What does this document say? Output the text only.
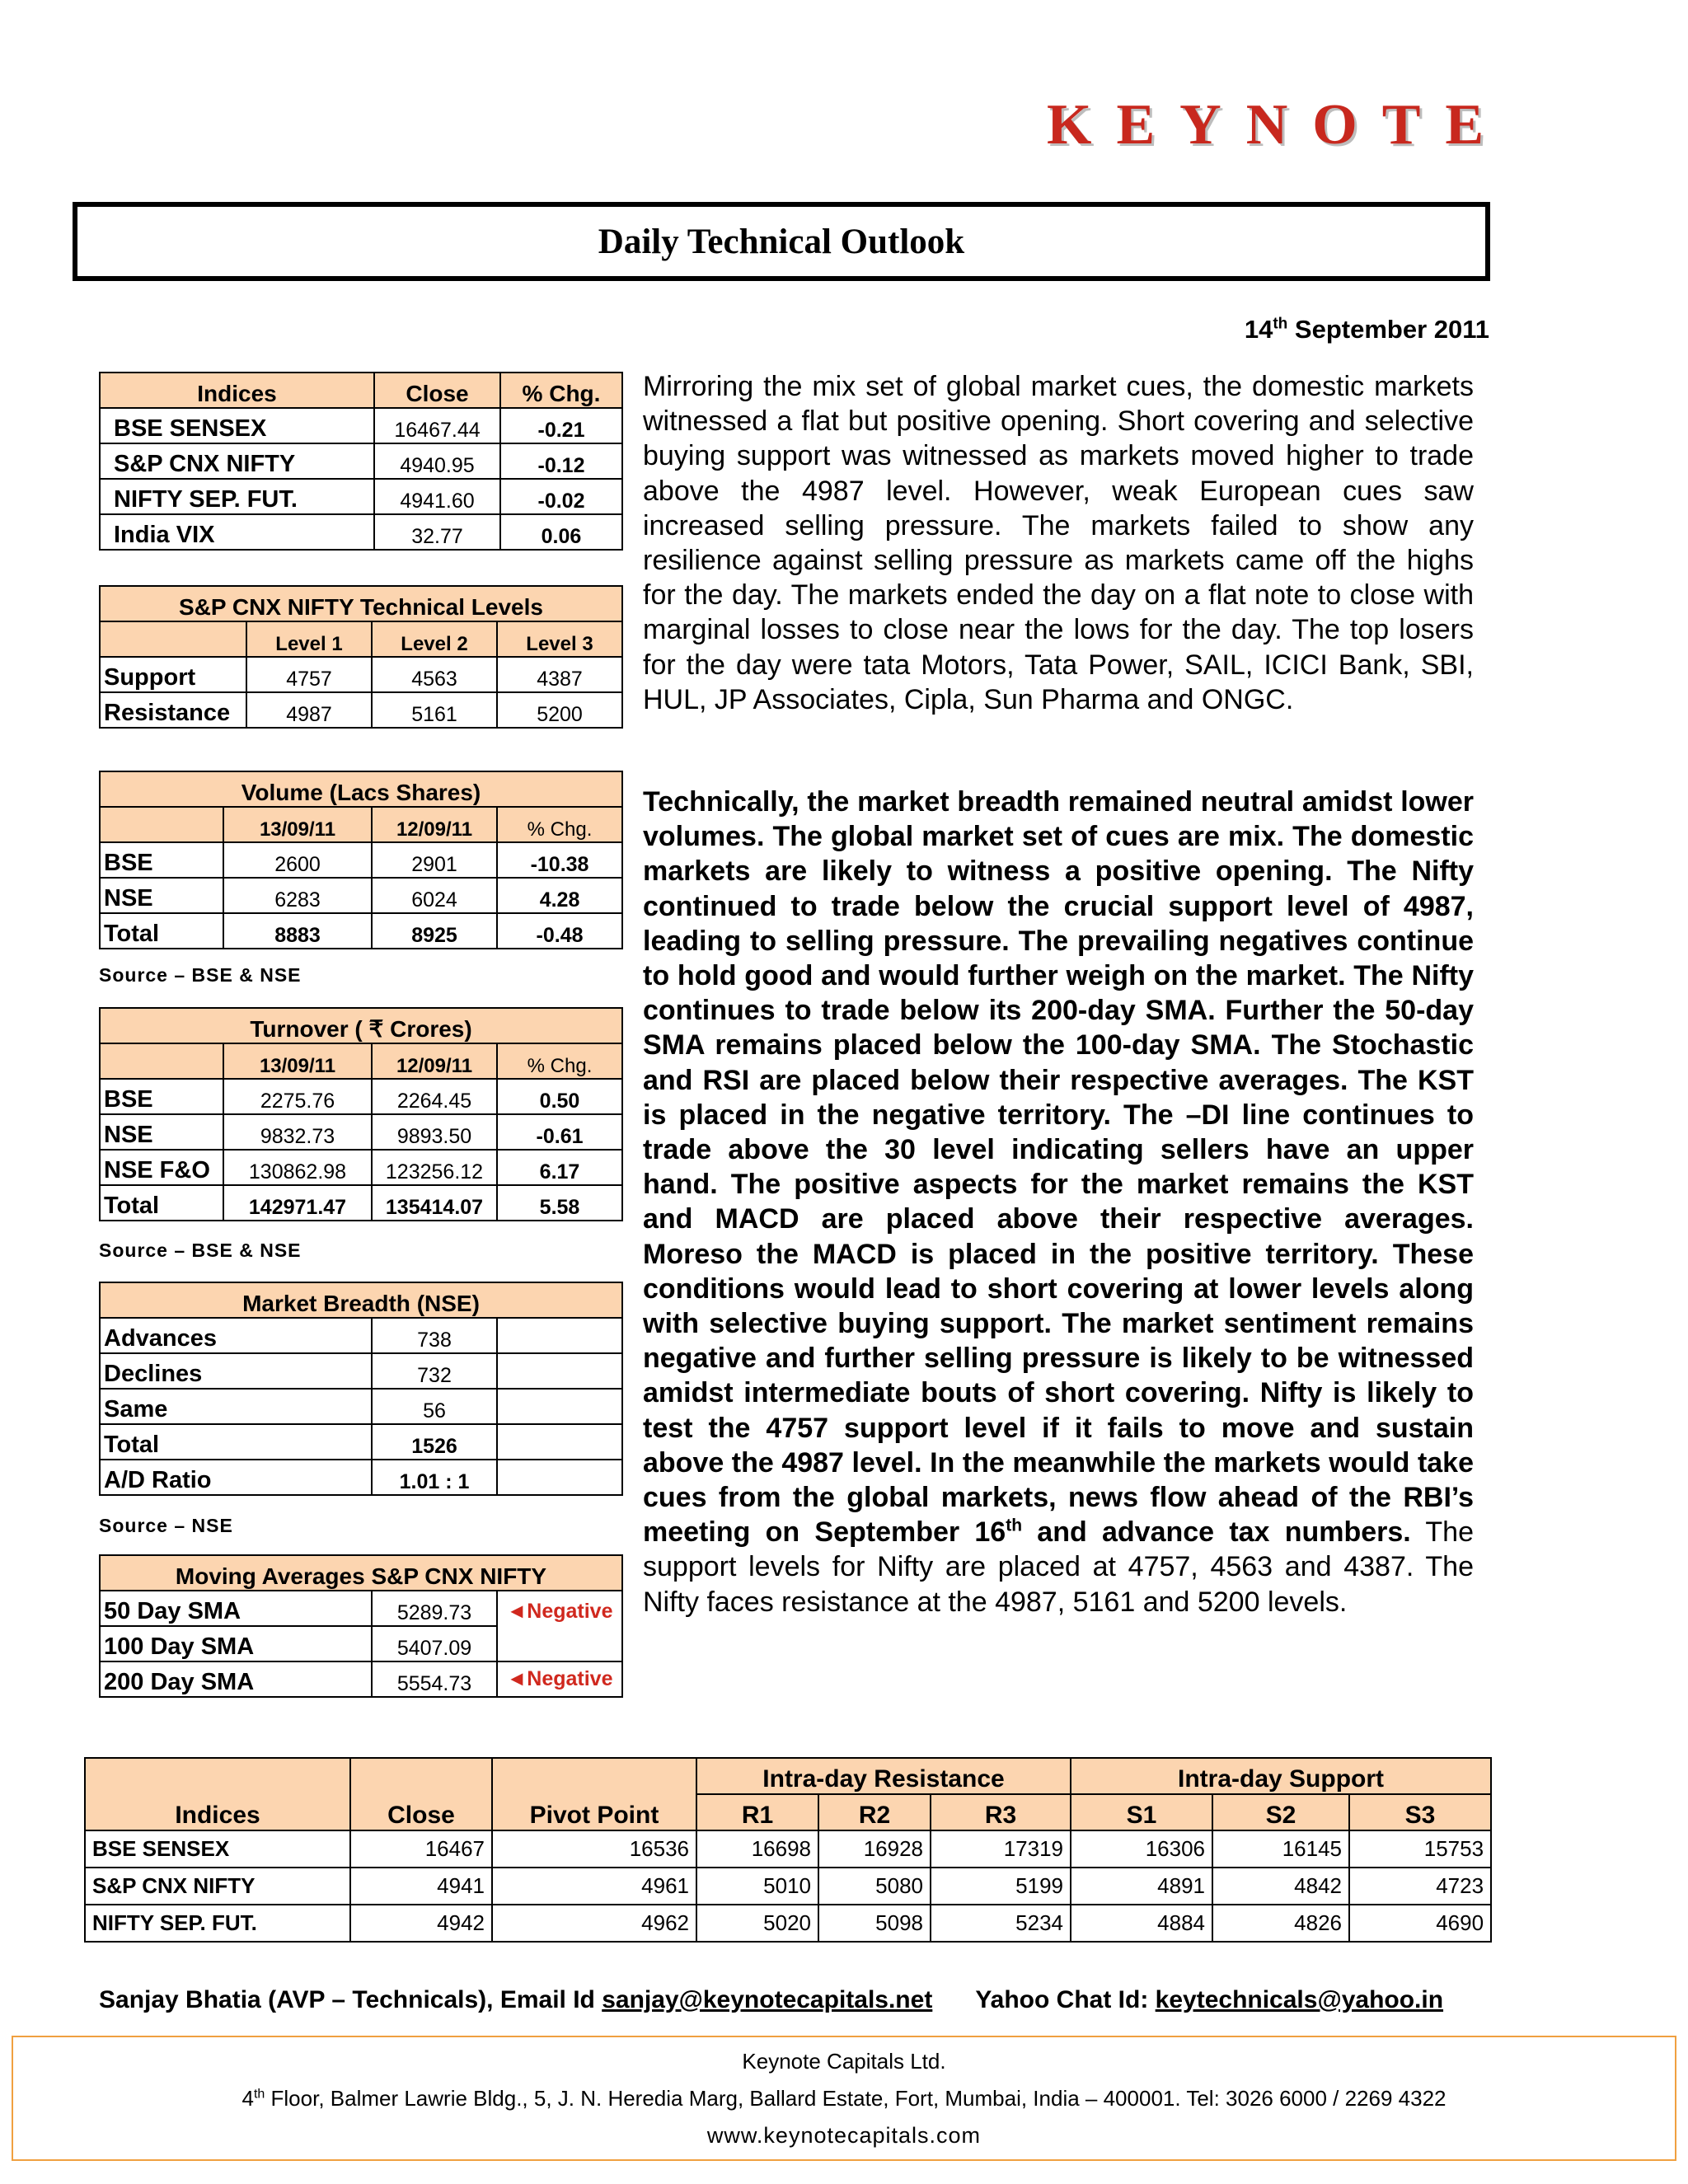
KEYNOTE
Daily Technical Outlook
14th September 2011
Indices	Close	% Chg.
BSE SENSEX	16467.44	-0.21
S&P CNX NIFTY	4940.95	-0.12
NIFTY SEP. FUT.	4941.60	-0.02
India VIX	32.77	0.06
S&P CNX NIFTY Technical Levels			
	Level 1	Level 2	Level 3
Support	4757	4563	4387
Resistance	4987	5161	5200
Volume (Lacs Shares)			
	13/09/11	12/09/11	% Chg.
BSE	2600	2901	-10.38
NSE	6283	6024	4.28
Total	8883	8925	-0.48
Source – BSE & NSE
Turnover ( ₹ Crores)			
	13/09/11	12/09/11	% Chg.
BSE	2275.76	2264.45	0.50
NSE	9832.73	9893.50	-0.61
NSE F&O	130862.98	123256.12	6.17
Total	142971.47	135414.07	5.58
Source – BSE & NSE
Market Breadth (NSE)		
Advances	738	
Declines	732	
Same	56	
Total	1526	
A/D Ratio	1.01 : 1	
Source – NSE
Moving Averages S&P CNX NIFTY		
50 Day SMA	5289.73	◄Negative
100 Day SMA	5407.09	
200 Day SMA	5554.73	◄Negative
Mirroring the mix set of global market cues, the domestic markets witnessed a flat but positive opening. Short covering and selective buying support was witnessed as markets moved higher to trade above the 4987 level. However, weak European cues saw increased selling pressure. The markets failed to show any resilience against selling pressure as markets came off the highs for the day. The markets ended the day on a flat note to close with marginal losses to close near the lows for the day. The top losers for the day were tata Motors, Tata Power, SAIL, ICICI Bank, SBI, HUL, JP Associates, Cipla, Sun Pharma and ONGC.
Technically, the market breadth remained neutral amidst lower volumes. The global market set of cues are mix. The domestic markets are likely to witness a positive opening. The Nifty continued to trade below the crucial support level of 4987, leading to selling pressure. The prevailing negatives continue to hold good and would further weigh on the market. The Nifty continues to trade below its 200-day SMA. Further the 50-day SMA remains placed below the 100-day SMA. The Stochastic and RSI are placed below their respective averages. The KST is placed in the negative territory. The –DI line continues to trade above the 30 level indicating sellers have an upper hand. The positive aspects for the market remains the KST and MACD are placed above their respective averages. Moreso the MACD is placed in the positive territory. These conditions would lead to short covering at lower levels along with selective buying support. The market sentiment remains negative and further selling pressure is likely to be witnessed amidst intermediate bouts of short covering. Nifty is likely to test the 4757 support level if it fails to move and sustain above the 4987 level. In the meanwhile the markets would take cues from the global markets, news flow ahead of the RBI’s meeting on September 16th and advance tax numbers. The support levels for Nifty are placed at 4757, 4563 and 4387. The Nifty faces resistance at the 4987, 5161 and 5200 levels.
Indices	Close	Pivot Point	Intra-day Resistance			Intra-day Support		
			R1	R2	R3	S1	S2	S3
BSE SENSEX	16467	16536	16698	16928	17319	16306	16145	15753
S&P CNX NIFTY	4941	4961	5010	5080	5199	4891	4842	4723
NIFTY SEP. FUT.	4942	4962	5020	5098	5234	4884	4826	4690
Sanjay Bhatia (AVP – Technicals), Email Id sanjay@keynotecapitals.net Yahoo Chat Id: keytechnicals@yahoo.in
Keynote Capitals Ltd.
4th Floor, Balmer Lawrie Bldg., 5, J. N. Heredia Marg, Ballard Estate, Fort, Mumbai, India – 400001. Tel: 3026 6000 / 2269 4322
www.keynotecapitals.com
